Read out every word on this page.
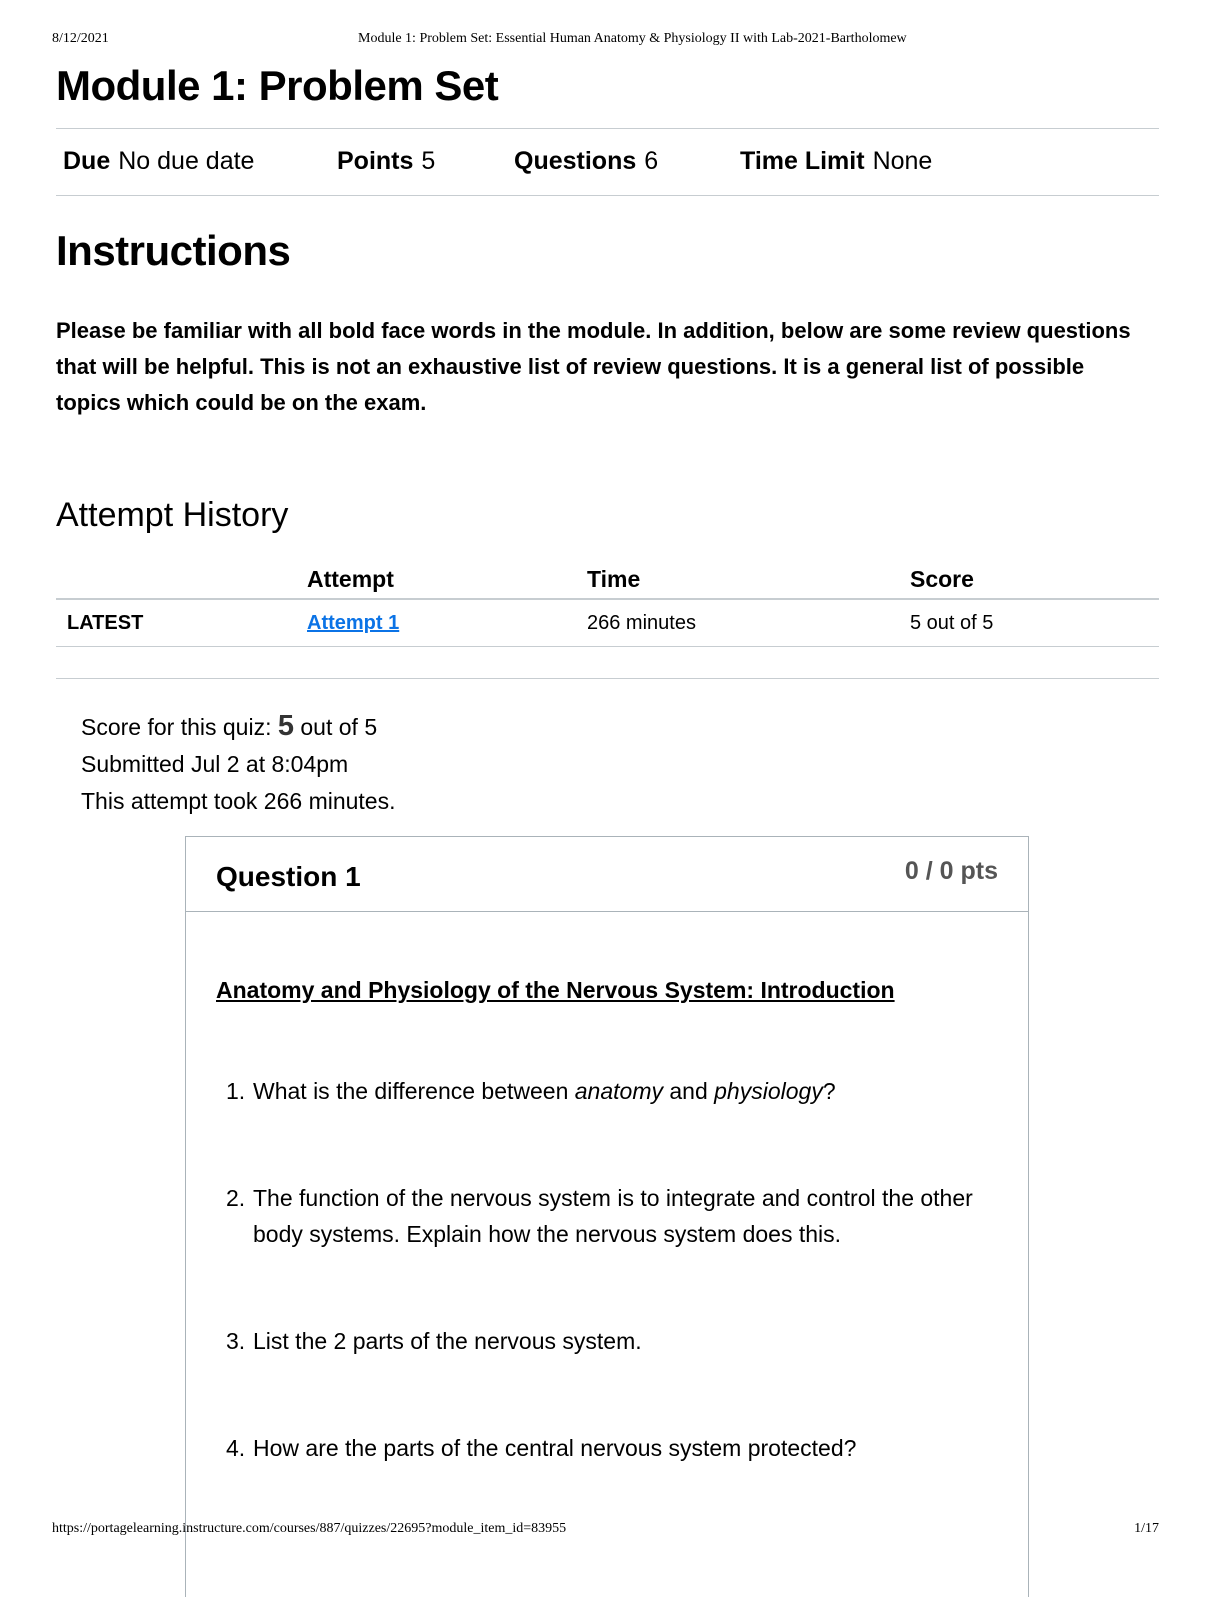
8/12/2021	Module 1: Problem Set: Essential Human Anatomy & Physiology II with Lab-2021-Bartholomew
Module 1: Problem Set
Due No due date	Points 5	Questions 6	Time Limit None
Instructions

Please be familiar with all bold face words in the module. In addition, below are some review questions that will be helpful. This is not an exhaustive list of review questions. It is a general list of possible topics which could be on the exam.

Attempt History
	Attempt	Time	Score
LATEST	Attempt 1	266 minutes	5 out of 5
Score for this quiz: 5 out of 5
Submitted Jul 2 at 8:04pm
This attempt took 266 minutes.
Question 1	0 / 0 pts
Anatomy and Physiology of the Nervous System: Introduction
1. What is the difference between anatomy and physiology?
2. The function of the nervous system is to integrate and control the other body systems. Explain how the nervous system does this.
3. List the 2 parts of the nervous system.
4. How are the parts of the central nervous system protected?
https://portagelearning.instructure.com/courses/887/quizzes/22695?module_item_id=83955	1/17
